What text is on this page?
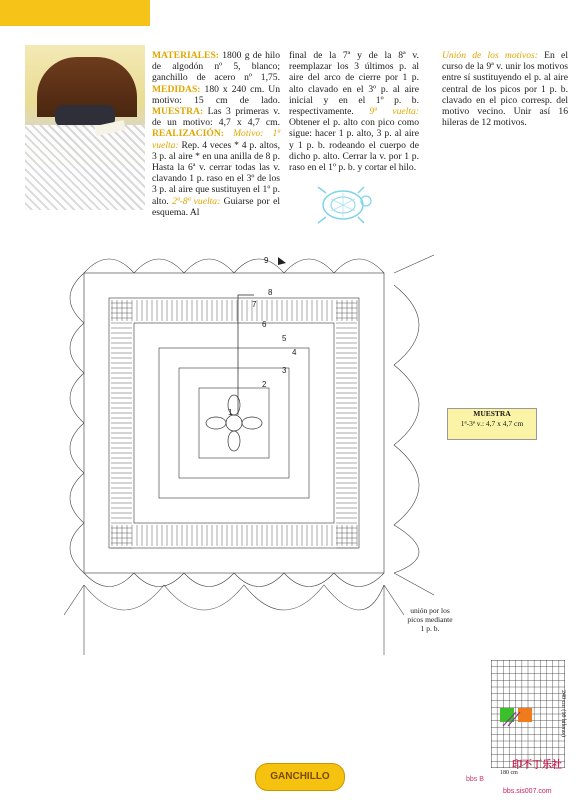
MATERIALES: 1800 g de hilo de algodón nº 5, blanco; ganchillo de acero nº 1,75. MEDIDAS: 180 x 240 cm. Un motivo: 15 cm de lado. MUESTRA: Las 3 primeras v. de un motivo: 4,7 x 4,7 cm. REALIZACIÓN: Motivo: 1ª vuelta: Rep. 4 veces * 4 p. altos, 3 p. al aire * en una anilla de 8 p. Hasta la 6ª v. cerrar todas las v. clavando 1 p. raso en el 3º de los 3 p. al aire que sustituyen el 1º p. alto. 2ª-8ª vuelta: Guiarse por el esquema. Al
final de la 7ª y de la 8ª v. reemplazar los 3 últimos p. al aire del arco de cierre por 1 p. alto clavado en el 3º p. al aire inicial y en el 1º p. b. respectivamente. 9ª vuelta: Obtener el p. alto con pico como sigue: hacer 1 p. alto, 3 p. al aire y 1 p. b. rodeando el cuerpo de dicho p. alto. Cerrar la v. por 1 p. raso en el 1º p. b. y cortar el hilo.
Unión de los motivos: En el curso de la 9ª v. unir los motivos entre sí sustituyendo el p. al aire central de los picos por 1 p. b. clavado en el pico corresp. del motivo vecino. Unir así 16 hileras de 12 motivos.
9
8
7
6
5
4
3
2
1	MUESTRA
1ª-3ª v.: 4,7 x 4,7 cm
unión por los picos mediante 1 p. b.
240 cm (16 hileras)
180 cm
GANCHILLO
印不丁乐社
bbs B
bbs.sis007.com
